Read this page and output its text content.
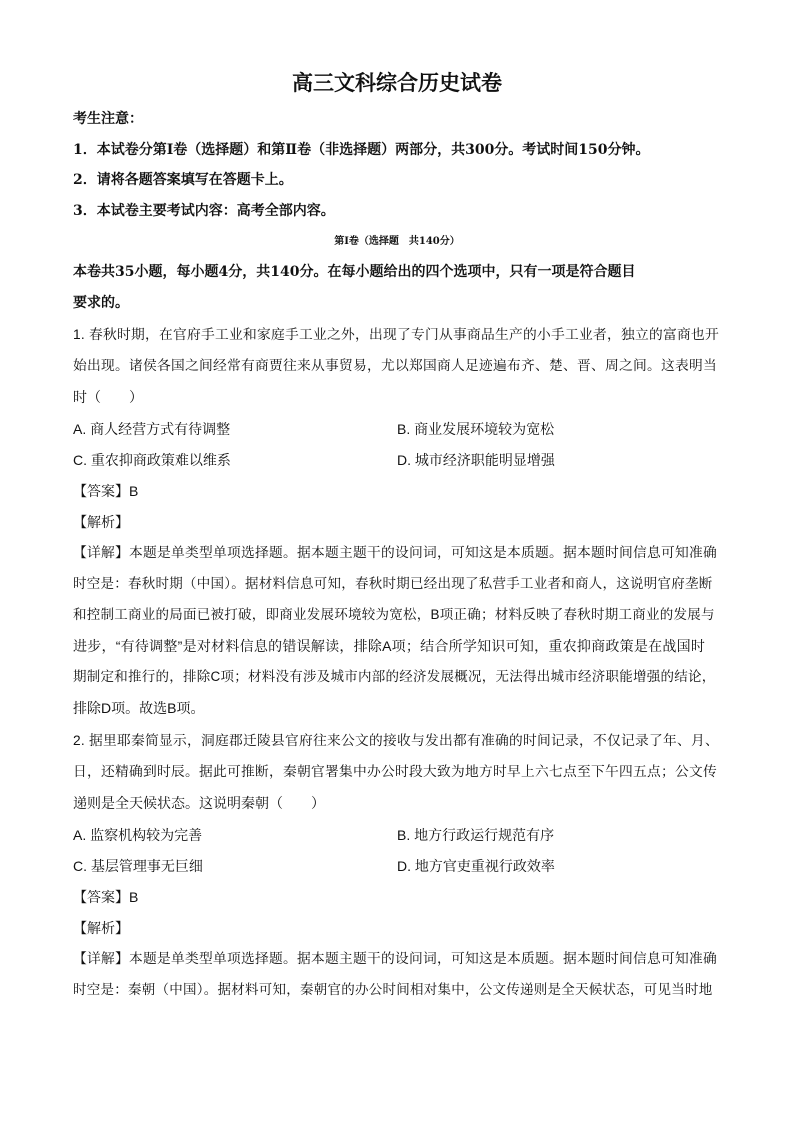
高三文科综合历史试卷
考生注意：
1．本试卷分第Ⅰ卷（选择题）和第Ⅱ卷（非选择题）两部分，共300分。考试时间150分钟。
2．请将各题答案填写在答题卡上。
3．本试卷主要考试内容：高考全部内容。
第Ⅰ卷（选择题　共140分）
本卷共35小题，每小题4分，共140分。在每小题给出的四个选项中，只有一项是符合题目
要求的。
1. 春秋时期，在官府手工业和家庭手工业之外，出现了专门从事商品生产的小手工业者，独立的富商也开
始出现。诸侯各国之间经常有商贾往来从事贸易，尤以郑国商人足迹遍布齐、楚、晋、周之间。这表明当
时（　　）
A. 商人经营方式有待调整	B. 商业发展环境较为宽松
C. 重农抑商政策难以维系	D. 城市经济职能明显增强
【答案】B
【解析】
【详解】本题是单类型单项选择题。据本题主题干的设问词，可知这是本质题。据本题时间信息可知准确
时空是：春秋时期（中国）。据材料信息可知，春秋时期已经出现了私营手工业者和商人，这说明官府垄断
和控制工商业的局面已被打破，即商业发展环境较为宽松，B项正确；材料反映了春秋时期工商业的发展与
进步，“有待调整”是对材料信息的错误解读，排除A项；结合所学知识可知，重农抑商政策是在战国时
期制定和推行的，排除C项；材料没有涉及城市内部的经济发展概况，无法得出城市经济职能增强的结论，
排除D项。故选B项。
2. 据里耶秦简显示，洞庭郡迁陵县官府往来公文的接收与发出都有准确的时间记录，不仅记录了年、月、
日，还精确到时辰。据此可推断，秦朝官署集中办公时段大致为地方时早上六七点至下午四五点；公文传
递则是全天候状态。这说明秦朝（　　）
A. 监察机构较为完善	B. 地方行政运行规范有序
C. 基层管理事无巨细	D. 地方官吏重视行政效率
【答案】B
【解析】
【详解】本题是单类型单项选择题。据本题主题干的设问词，可知这是本质题。据本题时间信息可知准确
时空是：秦朝（中国）。据材料可知，秦朝官的办公时间相对集中，公文传递则是全天候状态，可见当时地
